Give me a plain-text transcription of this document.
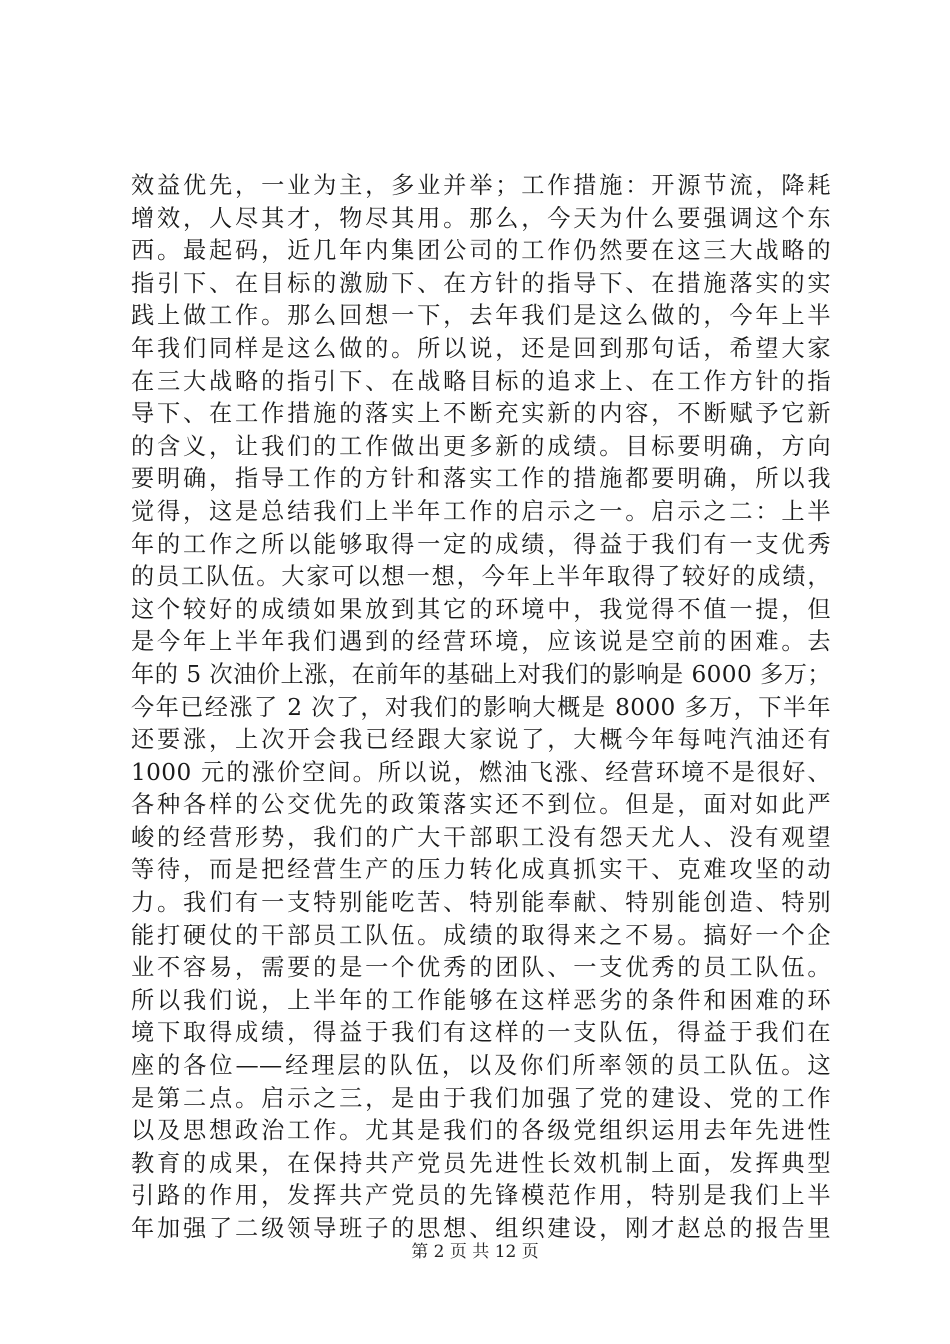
效益优先，一业为主，多业并举；工作措施：开源节流，降耗
增效，人尽其才，物尽其用。那么，今天为什么要强调这个东
西。最起码，近几年内集团公司的工作仍然要在这三大战略的
指引下、在目标的激励下、在方针的指导下、在措施落实的实
践上做工作。那么回想一下，去年我们是这么做的，今年上半
年我们同样是这么做的。所以说，还是回到那句话，希望大家
在三大战略的指引下、在战略目标的追求上、在工作方针的指
导下、在工作措施的落实上不断充实新的内容，不断赋予它新
的含义，让我们的工作做出更多新的成绩。目标要明确，方向
要明确，指导工作的方针和落实工作的措施都要明确，所以我
觉得，这是总结我们上半年工作的启示之一。启示之二：上半
年的工作之所以能够取得一定的成绩，得益于我们有一支优秀
的员工队伍。大家可以想一想，今年上半年取得了较好的成绩，
这个较好的成绩如果放到其它的环境中，我觉得不值一提，但
是今年上半年我们遇到的经营环境，应该说是空前的困难。去
年的 5 次油价上涨，在前年的基础上对我们的影响是 6000 多万；
今年已经涨了 2 次了，对我们的影响大概是 8000 多万，下半年
还要涨，上次开会我已经跟大家说了，大概今年每吨汽油还有
1000 元的涨价空间。所以说，燃油飞涨、经营环境不是很好、
各种各样的公交优先的政策落实还不到位。但是，面对如此严
峻的经营形势，我们的广大干部职工没有怨天尤人、没有观望
等待，而是把经营生产的压力转化成真抓实干、克难攻坚的动
力。我们有一支特别能吃苦、特别能奉献、特别能创造、特别
能打硬仗的干部员工队伍。成绩的取得来之不易。搞好一个企
业不容易，需要的是一个优秀的团队、一支优秀的员工队伍。
所以我们说，上半年的工作能够在这样恶劣的条件和困难的环
境下取得成绩，得益于我们有这样的一支队伍，得益于我们在
座的各位——经理层的队伍，以及你们所率领的员工队伍。这
是第二点。启示之三，是由于我们加强了党的建设、党的工作
以及思想政治工作。尤其是我们的各级党组织运用去年先进性
教育的成果，在保持共产党员先进性长效机制上面，发挥典型
引路的作用，发挥共产党员的先锋模范作用，特别是我们上半
年加强了二级领导班子的思想、组织建设，刚才赵总的报告里
第 2 页 共 12 页
